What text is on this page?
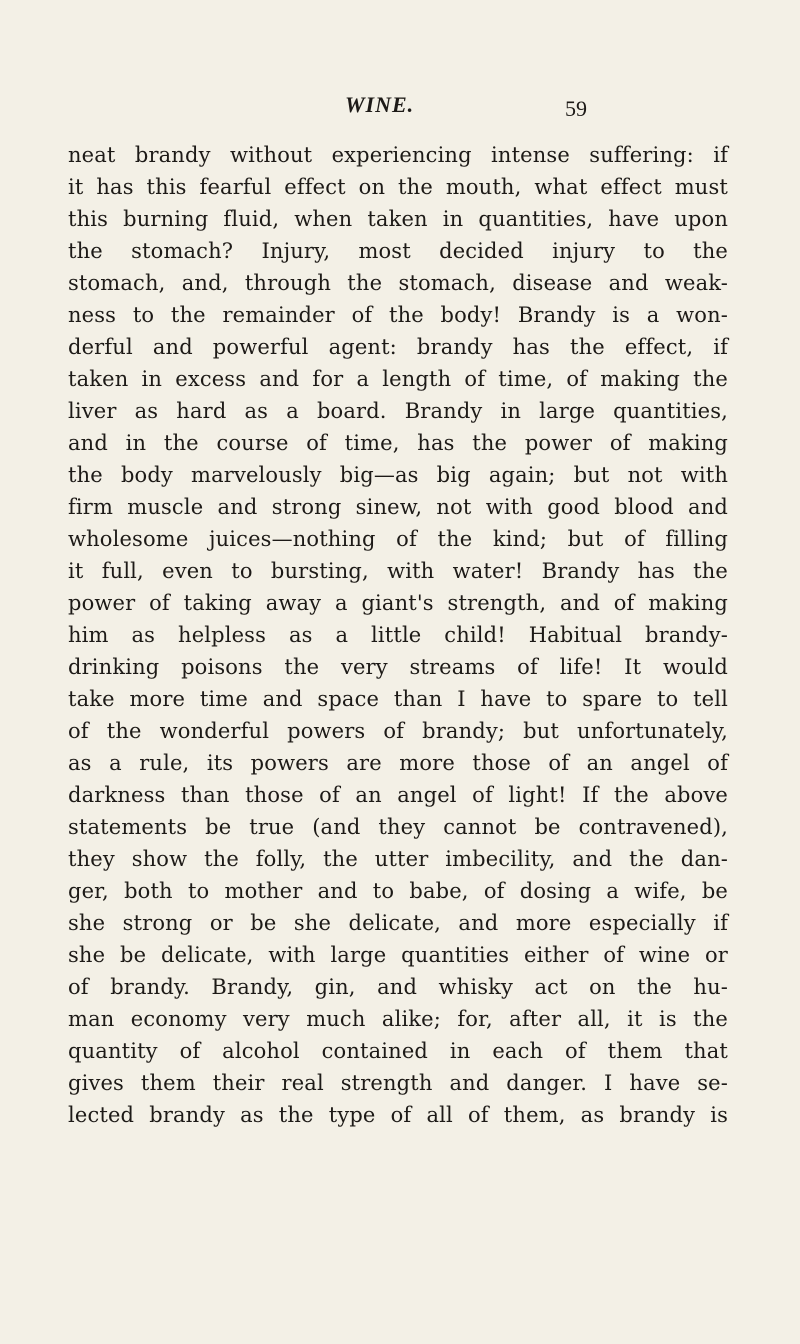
WINE.	59
neat brandy without experiencing intense suffering: if
it has this fearful effect on the mouth, what effect must
this burning fluid, when taken in quantities, have upon
the stomach? Injury, most decided injury to the
stomach, and, through the stomach, disease and weak-
ness to the remainder of the body! Brandy is a won-
derful and powerful agent: brandy has the effect, if
taken in excess and for a length of time, of making the
liver as hard as a board. Brandy in large quantities,
and in the course of time, has the power of making
the body marvelously big—as big again; but not with
firm muscle and strong sinew, not with good blood and
wholesome juices—nothing of the kind; but of filling
it full, even to bursting, with water! Brandy has the
power of taking away a giant's strength, and of making
him as helpless as a little child! Habitual brandy-
drinking poisons the very streams of life! It would
take more time and space than I have to spare to tell
of the wonderful powers of brandy; but unfortunately,
as a rule, its powers are more those of an angel of
darkness than those of an angel of light! If the above
statements be true (and they cannot be contravened),
they show the folly, the utter imbecility, and the dan-
ger, both to mother and to babe, of dosing a wife, be
she strong or be she delicate, and more especially if
she be delicate, with large quantities either of wine or
of brandy. Brandy, gin, and whisky act on the hu-
man economy very much alike; for, after all, it is the
quantity of alcohol contained in each of them that
gives them their real strength and danger. I have se-
lected brandy as the type of all of them, as brandy is
